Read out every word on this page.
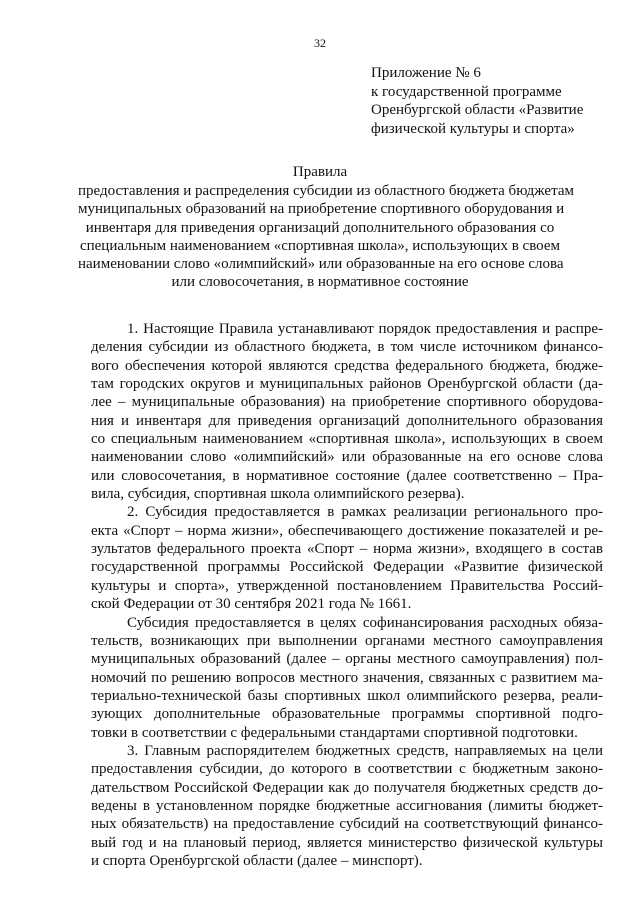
32
Приложение № 6
к государственной программе
Оренбургской области «Развитие
физической культуры и спорта»
Правила
предоставления и распределения субсидии из областного бюджета бюджетам
муниципальных образований на приобретение спортивного оборудования и
инвентаря для приведения организаций дополнительного образования со
специальным наименованием «спортивная школа», использующих в своем
наименовании слово «олимпийский» или образованные на его основе слова
или словосочетания, в нормативное состояние
1. Настоящие Правила устанавливают порядок предоставления и распре-
деления субсидии из областного бюджета, в том числе источником финансо-
вого обеспечения которой являются средства федерального бюджета, бюдже-
там городских округов и муниципальных районов Оренбургской области (да-
лее – муниципальные образования) на приобретение спортивного оборудова-
ния и инвентаря для приведения организаций дополнительного образования
со специальным наименованием «спортивная школа», использующих в своем
наименовании слово «олимпийский» или образованные на его основе слова
или словосочетания, в нормативное состояние (далее соответственно – Пра-
вила, субсидия, спортивная школа олимпийского резерва).
2. Субсидия предоставляется в рамках реализации регионального про-
екта «Спорт – норма жизни», обеспечивающего достижение показателей и ре-
зультатов федерального проекта «Спорт – норма жизни», входящего в состав
государственной программы Российской Федерации «Развитие физической
культуры и спорта», утвержденной постановлением Правительства Россий-
ской Федерации от 30 сентября 2021 года № 1661.
Субсидия предоставляется в целях софинансирования расходных обяза-
тельств, возникающих при выполнении органами местного самоуправления
муниципальных образований (далее – органы местного самоуправления) пол-
номочий по решению вопросов местного значения, связанных с развитием ма-
териально-технической базы спортивных школ олимпийского резерва, реали-
зующих дополнительные образовательные программы спортивной подго-
товки в соответствии с федеральными стандартами спортивной подготовки.
3. Главным распорядителем бюджетных средств, направляемых на цели
предоставления субсидии, до которого в соответствии с бюджетным законо-
дательством Российской Федерации как до получателя бюджетных средств до-
ведены в установленном порядке бюджетные ассигнования (лимиты бюджет-
ных обязательств) на предоставление субсидий на соответствующий финансо-
вый год и на плановый период, является министерство физической культуры
и спорта Оренбургской области (далее – минспорт).
